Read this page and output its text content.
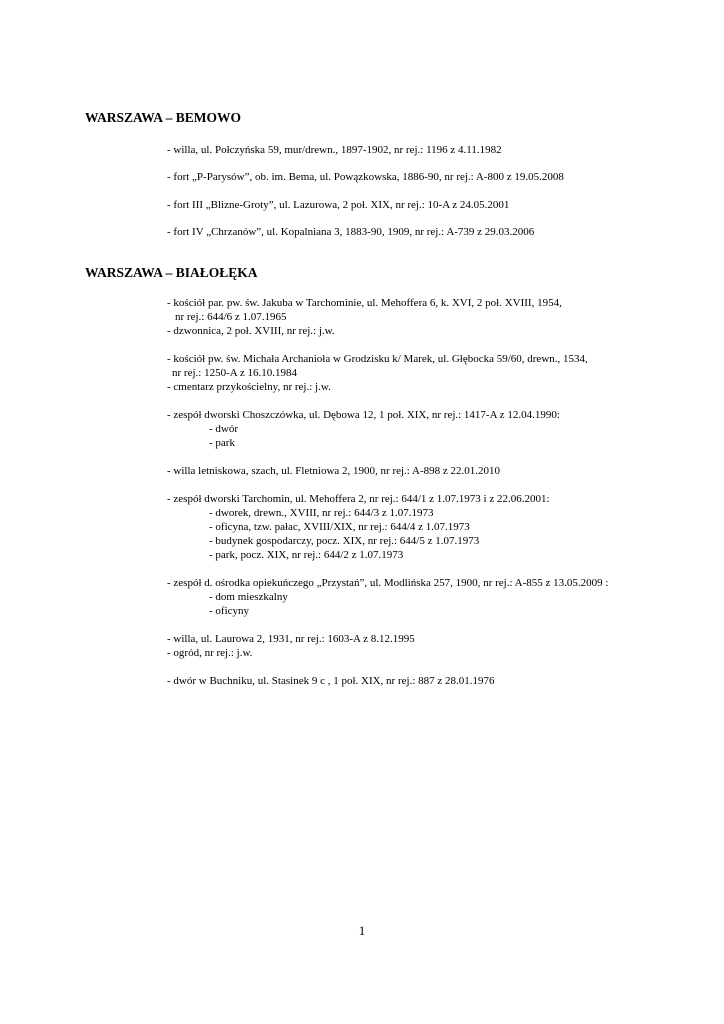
WARSZAWA – BEMOWO
- willa, ul. Połczyńska 59, mur/drewn., 1897-1902, nr rej.: 1196 z 4.11.1982
- fort „P-Parysów”, ob. im. Bema, ul. Powązkowska, 1886-90, nr rej.: A-800 z 19.05.2008
- fort III „Blizne-Groty”, ul. Lazurowa, 2 poł. XIX, nr rej.: 10-A z 24.05.2001
- fort IV „Chrzanów”, ul. Kopalniana 3, 1883-90, 1909, nr rej.: A-739 z 29.03.2006
WARSZAWA – BIAŁOŁĘKA
- kościół par. pw. św. Jakuba w Tarchominie, ul. Mehoffera 6, k. XVI, 2 poł. XVIII, 1954,
nr rej.: 644/6 z 1.07.1965
- dzwonnica, 2 poł. XVIII, nr rej.: j.w.
- kościół pw. św. Michała Archanioła w Grodzisku k/ Marek, ul. Głębocka 59/60, drewn., 1534,
nr rej.: 1250-A z 16.10.1984
- cmentarz przykościelny, nr rej.: j.w.
- zespół dworski Choszczówka, ul. Dębowa 12, 1 poł. XIX, nr rej.: 1417-A z 12.04.1990:
- dwór
- park
- willa letniskowa, szach, ul. Fletniowa 2, 1900, nr rej.: A-898 z 22.01.2010
- zespół dworski Tarchomin, ul. Mehoffera 2, nr rej.: 644/1 z 1.07.1973 i z 22.06.2001:
- dworek, drewn., XVIII, nr rej.: 644/3 z 1.07.1973
- oficyna, tzw. pałac, XVIII/XIX, nr rej.: 644/4 z 1.07.1973
- budynek gospodarczy, pocz. XIX, nr rej.: 644/5 z 1.07.1973
- park, pocz. XIX, nr rej.: 644/2 z 1.07.1973
- zespół d. ośrodka opiekuńczego „Przystań”, ul. Modlińska 257, 1900, nr rej.: A-855 z 13.05.2009 :
- dom mieszkalny
- oficyny
- willa, ul. Laurowa 2, 1931, nr rej.: 1603-A z 8.12.1995
- ogród, nr rej.: j.w.
- dwór w Buchniku, ul. Stasinek 9 c , 1 poł. XIX, nr rej.: 887 z 28.01.1976
1
